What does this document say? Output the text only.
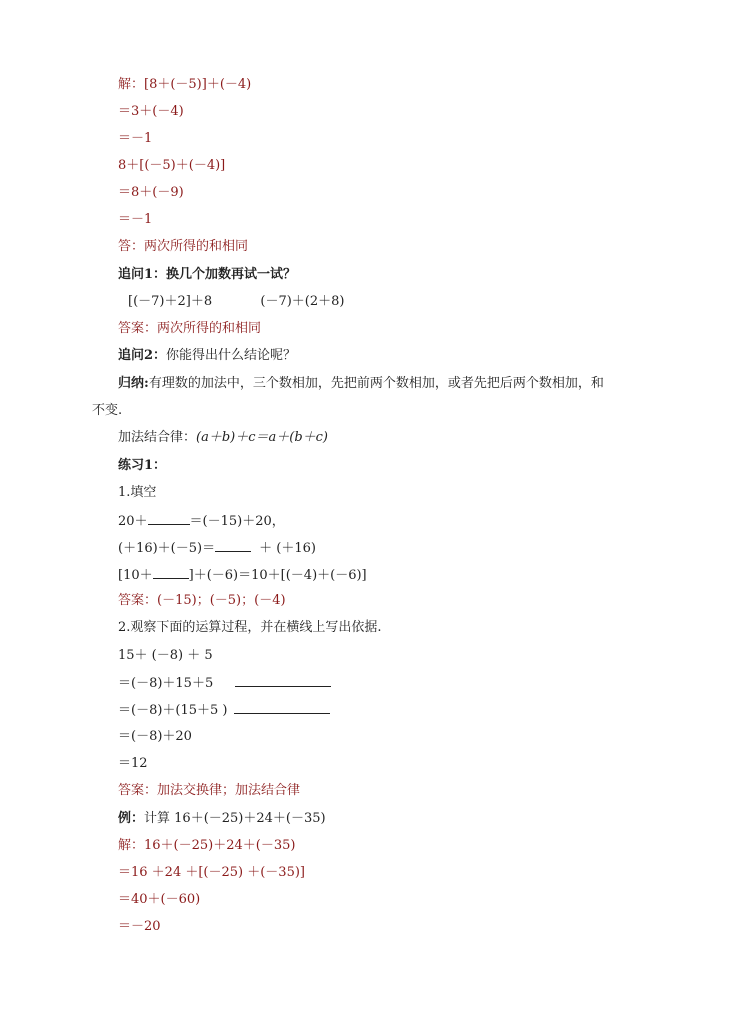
解：[8＋(－5)]＋(－4)
＝3＋(－4)
＝－1
8＋[(－5)＋(－4)]
＝8＋(－9)
＝－1
答：两次所得的和相同
追问1：换几个加数再试一试？
[(－7)＋2]＋8	(－7)＋(2＋8)
答案：两次所得的和相同
追问2：你能得出什么结论呢？
归纳:有理数的加法中，三个数相加，先把前两个数相加，或者先把后两个数相加，和
不变.
加法结合律：(a＋b)＋c＝a＋(b＋c)
练习1：
1.填空
20＋	＝(－15)＋20，
(＋16)＋(－5)＝	＋ (＋16)
[10＋	]＋(－6)＝10＋[(－4)＋(－6)]
答案：(－15)；(－5)；(－4)
2.观察下面的运算过程，并在横线上写出依据.
15＋ (－8) ＋ 5
＝(－8)＋15＋5
＝(－8)＋(15＋5 )
＝(－8)＋20
＝12
答案：加法交换律；加法结合律
例：计算 16＋(－25)＋24＋(－35)
解：16＋(－25)＋24＋(－35)
＝16 ＋24 ＋[(－25) ＋(－35)]
＝40＋(－60)
＝－20
